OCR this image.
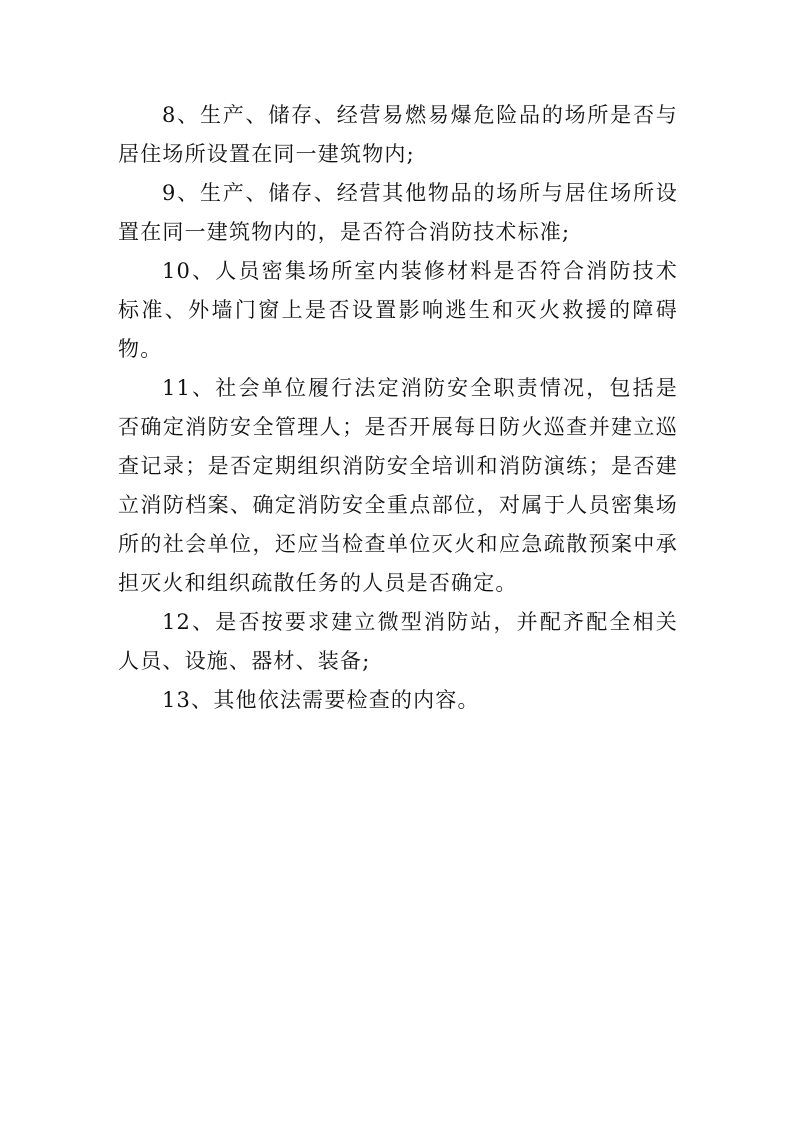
8、生产、储存、经营易燃易爆危险品的场所是否与居住场所设置在同一建筑物内;

9、生产、储存、经营其他物品的场所与居住场所设置在同一建筑物内的，是否符合消防技术标准;

10、人员密集场所室内装修材料是否符合消防技术标准、外墙门窗上是否设置影响逃生和灭火救援的障碍物。

11、社会单位履行法定消防安全职责情况，包括是否确定消防安全管理人；是否开展每日防火巡查并建立巡查记录；是否定期组织消防安全培训和消防演练；是否建立消防档案、确定消防安全重点部位，对属于人员密集场所的社会单位，还应当检查单位灭火和应急疏散预案中承担灭火和组织疏散任务的人员是否确定。

12、是否按要求建立微型消防站，并配齐配全相关人员、设施、器材、装备;

13、其他依法需要检查的内容。
